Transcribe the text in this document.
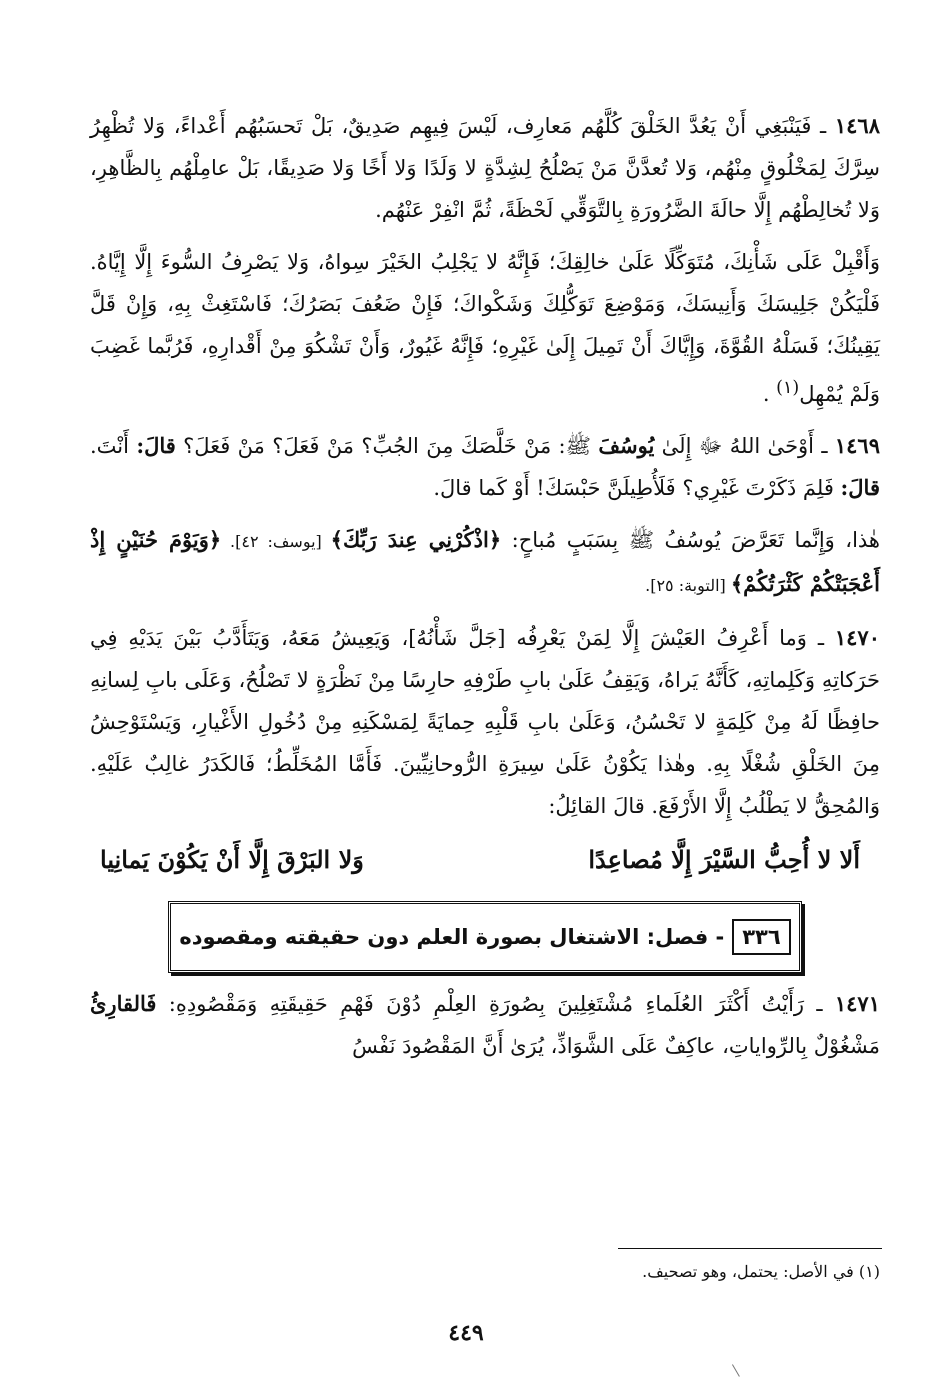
١٤٦٨ ـ فَيَنْبَغِي أَنْ يَعُدَّ الخَلْقَ كُلَّهُم مَعارِف، لَيْسَ فِيهِم صَدِيقٌ، بَلْ تَحسَبُهُم أَعْداءً، وَلا تُظْهِرُ سِرَّكَ لِمَخْلُوقٍ مِنْهُم، وَلا تُعدَّنَّ مَنْ يَصْلُحُ لِشِدَّةٍ لا وَلَدًا وَلا أَخًا وَلا صَدِيقًا، بَلْ عامِلْهُم بِالظَّاهِرِ، وَلا تُخالِطْهُم إِلَّا حالَةَ الضَّرُورَةِ بِالتَّوَقِّي لَحْظَةً، ثُمَّ انْفِرْ عَنْهُم.

وَأَقْبِلْ عَلَى شَأْنِكَ، مُتَوَكِّلًا عَلَىٰ خالِقِكَ؛ فَإِنَّهُ لا يَجْلِبُ الخَيْرَ سِواهُ، وَلا يَصْرِفُ السُّوءَ إِلَّا إِيَّاهُ. فَلْيَكُنْ جَلِيسَكَ وَأَنِيسَكَ، وَمَوْضِعَ تَوَكُّلِكَ وَشَكْواكَ؛ فَإِنْ ضَعُفَ بَصَرُكَ؛ فَاسْتَغِثْ بِهِ، وَإِنْ قَلَّ يَقِينُكَ؛ فَسَلْهُ القُوَّةَ، وَإِيَّاكَ أَنْ تَمِيلَ إِلَىٰ غَيْرِهِ؛ فَإِنَّهُ غَيُورٌ، وَأَنْ تَشْكُوَ مِنْ أَقْدارِهِ، فَرُبَّما غَضِبَ وَلَمْ يُمْهِل$^{(١)}$ .

١٤٦٩ ـ أَوْحَىٰ اللهُ ﷻ إِلَىٰ يُوسُفَ ﷺ: مَنْ خَلَّصَكَ مِنَ الجُبِّ؟ مَنْ فَعَلَ؟ مَنْ فَعَلَ؟ قالَ: أَنْتَ. قالَ: فَلِمَ ذَكَرْتَ غَيْرِي؟ فَلَأُطِيلَنَّ حَبْسَكَ! أَوْ كَما قالَ.

هٰذا، وَإِنَّما تَعَرَّضَ يُوسُفُ ﷺ بِسَبَبٍ مُباحٍ: ﴿اذْكُرْنِي عِندَ رَبِّكَ﴾ [يوسف: ٤٢]. ﴿وَيَوْمَ حُنَيْنٍ إِذْ أَعْجَبَتْكُمْ كَثْرَتُكُمْ﴾ [التوبة: ٢٥].

١٤٧٠ ـ وَما أَعْرِفُ العَيْشَ إِلَّا لِمَنْ يَعْرِفُه [جَلَّ شَأْنُهُ]، وَيَعِيشُ مَعَهُ، وَيَتَأَدَّبُ بَيْنَ يَدَيْهِ فِي حَرَكاتِهِ وَكَلِماتِهِ، كَأَنَّهُ يَراهُ، وَيَقِفُ عَلَىٰ بابِ طَرْفِهِ حارِسًا مِنْ نَظْرَةٍ لا تَصْلُحُ، وَعَلَى بابِ لِسانِهِ حافِظًا لَهُ مِنْ كَلِمَةٍ لا تَحْسُنُ، وَعَلَىٰ بابِ قَلْبِهِ حِمايَةً لِمَسْكَنِهِ مِنْ دُخُولِ الأَغْيارِ، وَيَسْتَوْحِشُ مِنَ الخَلْقِ شُغْلًا بِهِ. وهٰذا يَكُوْنُ عَلَىٰ سِيرَةِ الرُّوحانِيِّينَ. فَأَمَّا المُخَلِّطُ؛ فَالكَدَرُ غالِبٌ عَلَيْهِ. وَالمُحِقُّ لا يَطْلُبُ إِلَّا الأَرْفَعَ. قالَ القائِلُ:

أَلا لا أُحِبُّ السَّيْرَ إِلَّا مُصاعِدًا
وَلا البَرْقَ إِلَّا أَنْ يَكُوْنَ يَمانِيا
٣٣٦
- فصل: الاشتغال بصورة العلم دون حقيقته ومقصوده

١٤٧١ ـ رَأَيْتُ أَكْثَرَ العُلَماءِ مُشْتَغِلِينَ بِصُورَةِ العِلْمِ دُوْنَ فَهْمِ حَقِيقَتِهِ وَمَقْصُودِهِ: فَالقارِئُ مَشْغُوْلٌ بِالرِّواياتِ، عاكِفٌ عَلَى الشَّوَاذِّ، يُرَىٰ أَنَّ المَقْصُودَ نَفْسُ

(١) في الأصل: يحتمل، وهو تصحيف.
٤٤٩
